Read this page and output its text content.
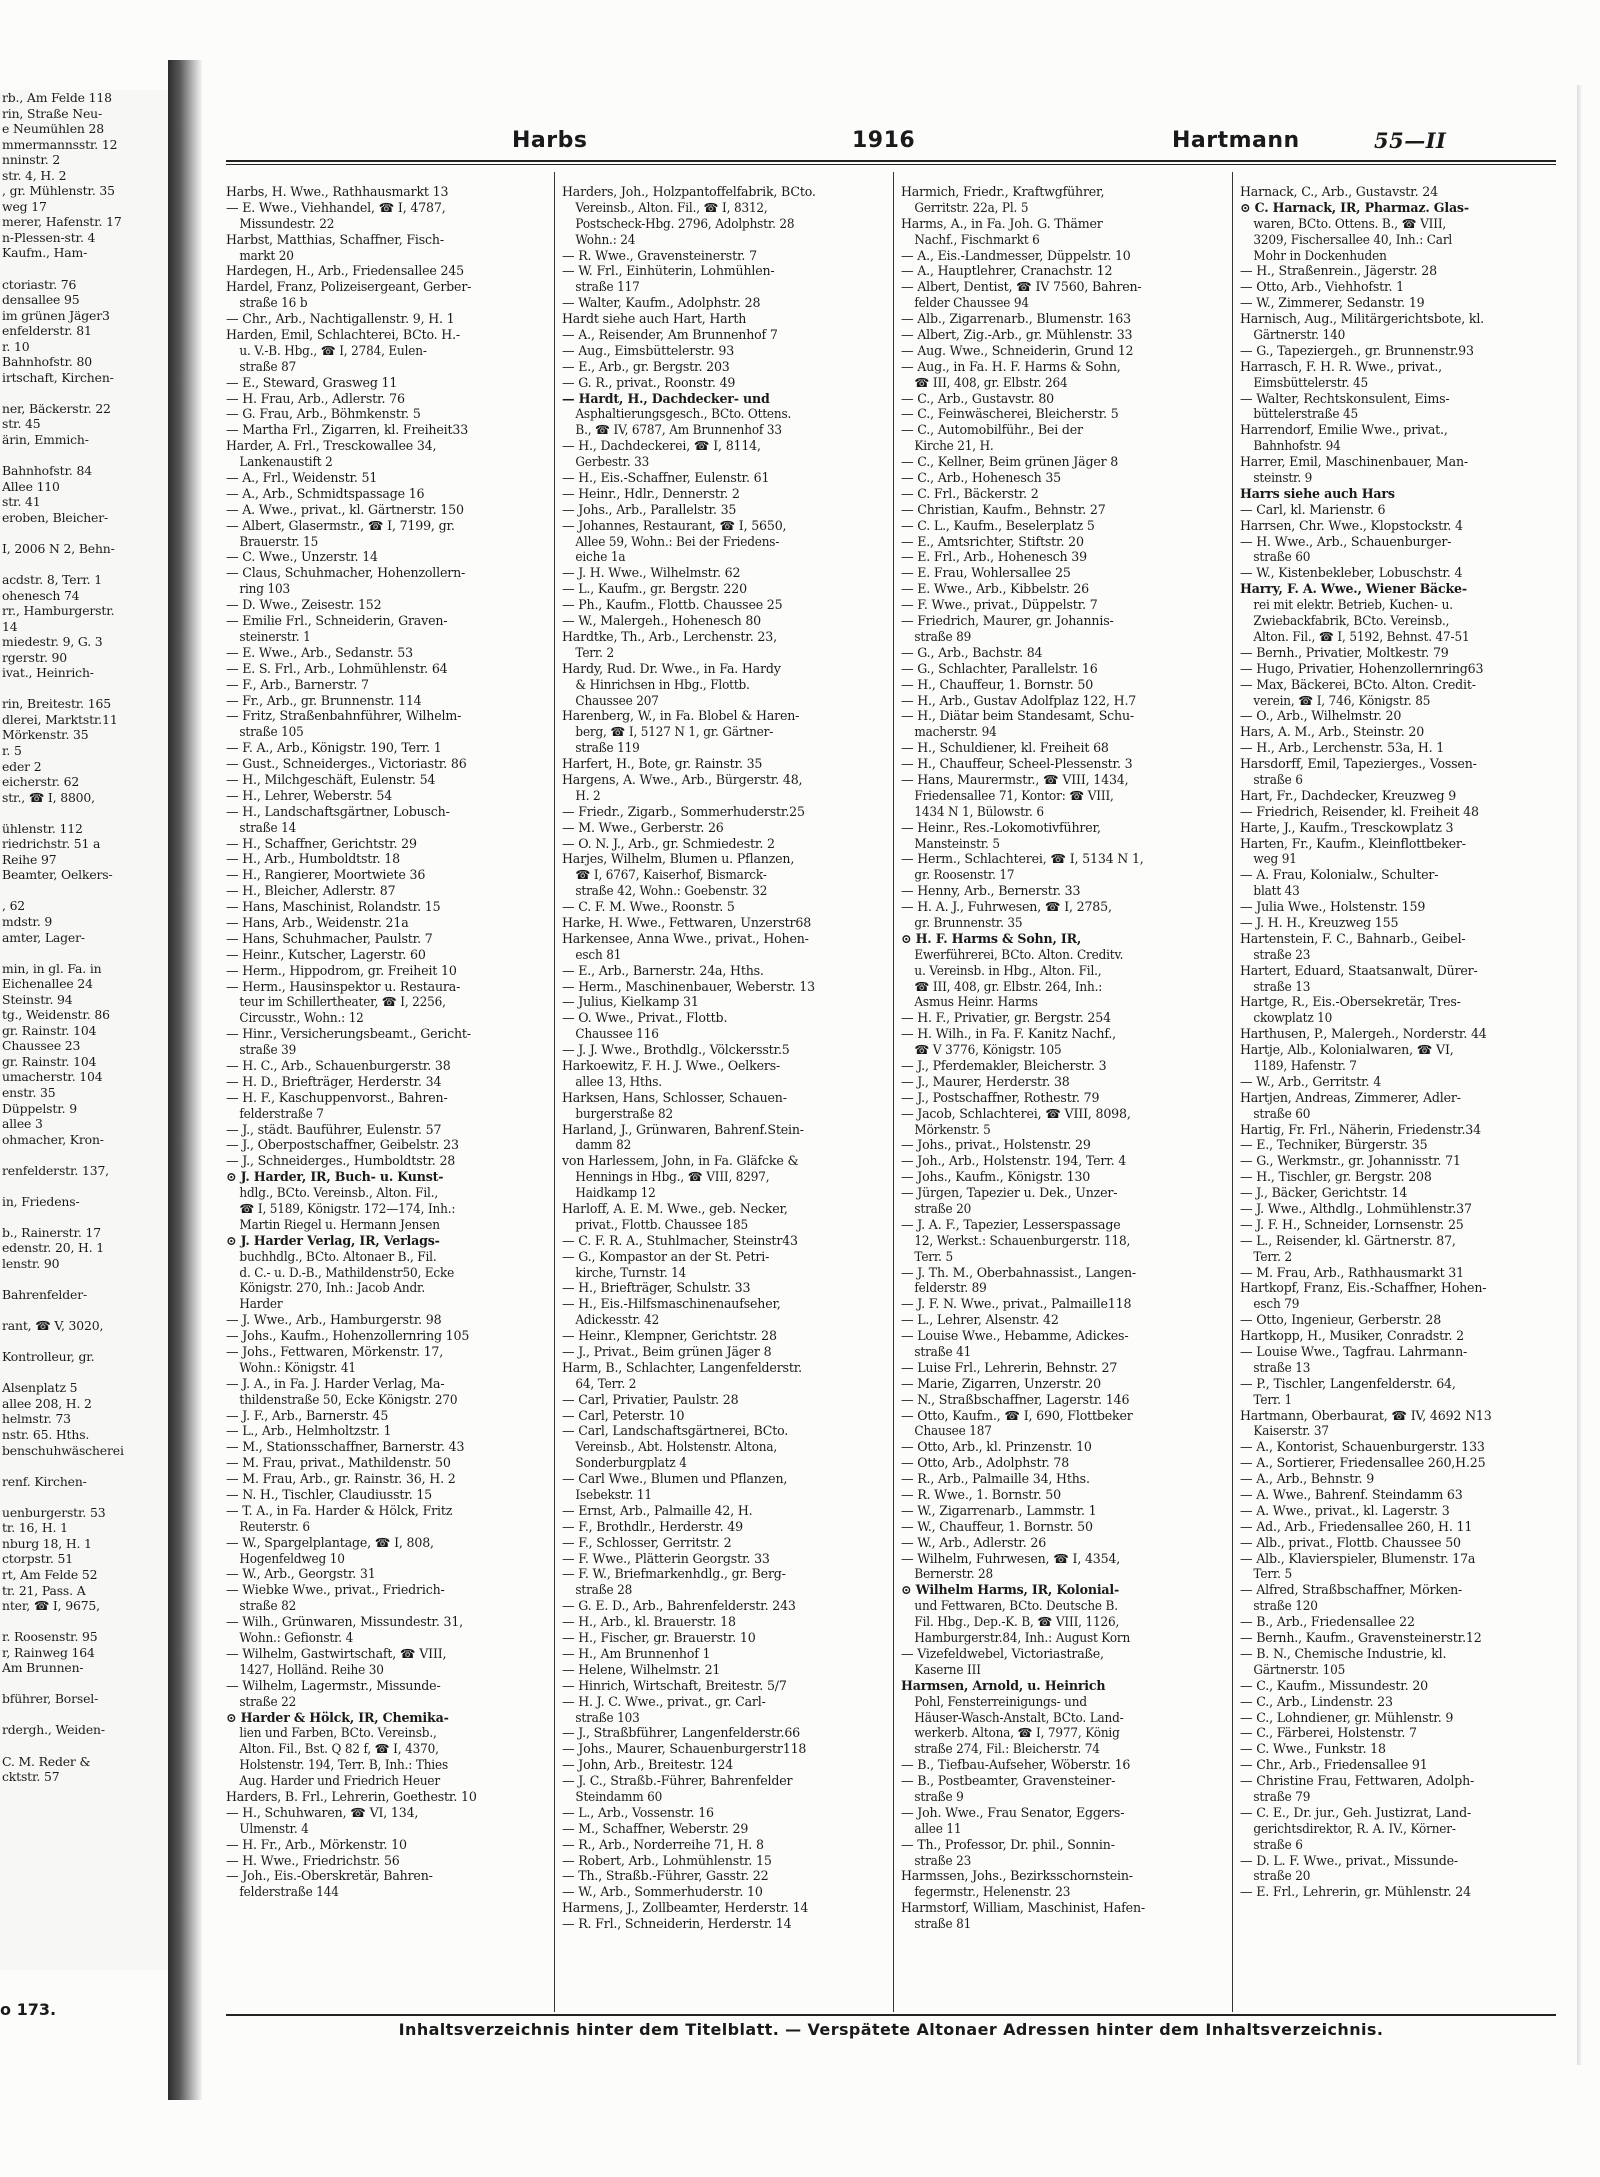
rb., Am Felde 118
rin, Straße Neu-
e Neumühlen 28
mmermannsstr. 12
nninstr. 2
str. 4, H. 2
, gr. Mühlenstr. 35
weg 17
merer, Hafenstr. 17
n-Plessen-str. 4
Kaufm., Ham-

ctoriastr. 76
densallee 95
im grünen Jäger3
enfelderstr. 81
r. 10
Bahnhofstr. 80
irtschaft, Kirchen-

ner, Bäckerstr. 22
str. 45
ärin, Emmich-

Bahnhofstr. 84
Allee 110
str. 41
eroben, Bleicher-

I, 2006 N 2, Behn-

acdstr. 8, Terr. 1
ohenesch 74
rr., Hamburgerstr.
14
miedestr. 9, G. 3
rgerstr. 90
ivat., Heinrich-

rin, Breitestr. 165
dlerei, Marktstr.11
Mörkenstr. 35
r. 5
eder 2
eicherstr. 62
str., ☎ I, 8800,

ühlenstr. 112
riedrichstr. 51 a
Reihe 97
Beamter, Oelkers-

, 62
mdstr. 9
amter, Lager-

min, in gl. Fa. in
Eichenallee 24
Steinstr. 94
tg., Weidenstr. 86
gr. Rainstr. 104
Chaussee 23
gr. Rainstr. 104
umacherstr. 104
enstr. 35
Düppelstr. 9
allee 3
ohmacher, Kron-

renfelderstr. 137,

in, Friedens-

b., Rainerstr. 17
edenstr. 20, H. 1
lenstr. 90

Bahrenfelder-

rant, ☎ V, 3020,

Kontrolleur, gr.

Alsenplatz 5
allee 208, H. 2
helmstr. 73
nstr. 65. Hths.
benschuhwäscherei

renf. Kirchen-

uenburgerstr. 53
tr. 16, H. 1
nburg 18, H. 1
ctorpstr. 51
rt, Am Felde 52
tr. 21, Pass. A
nter, ☎ I, 9675,

r. Roosenstr. 95
r, Rainweg 164
Am Brunnen-

bführer, Borsel-

rdergh., Weiden-

C. M. Reder &
cktstr. 57
o 173.
Harbs	1916	Hartmann	55—II
Harbs, H. Wwe., Rathhausmarkt 13
— E. Wwe., Viehhandel, ☎ I, 4787,
Missundestr. 22
Harbst, Matthias, Schaffner, Fisch-
markt 20
Hardegen, H., Arb., Friedensallee 245
Hardel, Franz, Polizeisergeant, Gerber-
straße 16 b
— Chr., Arb., Nachtigallenstr. 9, H. 1
Harden, Emil, Schlachterei, BCto. H.-
u. V.-B. Hbg., ☎ I, 2784, Eulen-
straße 87
— E., Steward, Grasweg 11
— H. Frau, Arb., Adlerstr. 76
— G. Frau, Arb., Böhmkenstr. 5
— Martha Frl., Zigarren, kl. Freiheit33
Harder, A. Frl., Tresckowallee 34,
Lankenaustift 2
— A., Frl., Weidenstr. 51
— A., Arb., Schmidtspassage 16
— A. Wwe., privat., kl. Gärtnerstr. 150
— Albert, Glasermstr., ☎ I, 7199, gr.
Brauerstr. 15
— C. Wwe., Unzerstr. 14
— Claus, Schuhmacher, Hohenzollern-
ring 103
— D. Wwe., Zeisestr. 152
— Emilie Frl., Schneiderin, Graven-
steinerstr. 1
— E. Wwe., Arb., Sedanstr. 53
— E. S. Frl., Arb., Lohmühlenstr. 64
— F., Arb., Barnerstr. 7
— Fr., Arb., gr. Brunnenstr. 114
— Fritz, Straßenbahnführer, Wilhelm-
straße 105
— F. A., Arb., Königstr. 190, Terr. 1
— Gust., Schneiderges., Victoriastr. 86
— H., Milchgeschäft, Eulenstr. 54
— H., Lehrer, Weberstr. 54
— H., Landschaftsgärtner, Lobusch-
straße 14
— H., Schaffner, Gerichtstr. 29
— H., Arb., Humboldtstr. 18
— H., Rangierer, Moortwiete 36
— H., Bleicher, Adlerstr. 87
— Hans, Maschinist, Rolandstr. 15
— Hans, Arb., Weidenstr. 21a
— Hans, Schuhmacher, Paulstr. 7
— Heinr., Kutscher, Lagerstr. 60
— Herm., Hippodrom, gr. Freiheit 10
— Herm., Hausinspektor u. Restaura-
teur im Schillertheater, ☎ I, 2256,
Circusstr., Wohn.: 12
— Hinr., Versicherungsbeamt., Gericht-
straße 39
— H. C., Arb., Schauenburgerstr. 38
— H. D., Briefträger, Herderstr. 34
— H. F., Kaschuppenvorst., Bahren-
felderstraße 7
— J., städt. Bauführer, Eulenstr. 57
— J., Oberpostschaffner, Geibelstr. 23
— J., Schneiderges., Humboldtstr. 28
⊙ J. Harder, IR, Buch- u. Kunst-
hdlg., BCto. Vereinsb., Alton. Fil.,
☎ I, 5189, Königstr. 172—174, Inh.:
Martin Riegel u. Hermann Jensen
⊙ J. Harder Verlag, IR, Verlags-
buchhdlg., BCto. Altonaer B., Fil.
d. C.- u. D.-B., Mathildenstr50, Ecke
Königstr. 270, Inh.: Jacob Andr.
Harder
— J. Wwe., Arb., Hamburgerstr. 98
— Johs., Kaufm., Hohenzollernring 105
— Johs., Fettwaren, Mörkenstr. 17,
Wohn.: Königstr. 41
— J. A., in Fa. J. Harder Verlag, Ma-
thildenstraße 50, Ecke Königstr. 270
— J. F., Arb., Barnerstr. 45
— L., Arb., Helmholtzstr. 1
— M., Stationsschaffner, Barnerstr. 43
— M. Frau, privat., Mathildenstr. 50
— M. Frau, Arb., gr. Rainstr. 36, H. 2
— N. H., Tischler, Claudiusstr. 15
— T. A., in Fa. Harder & Hölck, Fritz
Reuterstr. 6
— W., Spargelplantage, ☎ I, 808,
Hogenfeldweg 10
— W., Arb., Georgstr. 31
— Wiebke Wwe., privat., Friedrich-
straße 82
— Wilh., Grünwaren, Missundestr. 31,
Wohn.: Gefionstr. 4
— Wilhelm, Gastwirtschaft, ☎ VIII,
1427, Holländ. Reihe 30
— Wilhelm, Lagermstr., Missunde-
straße 22
⊙ Harder & Hölck, IR, Chemika-
lien und Farben, BCto. Vereinsb.,
Alton. Fil., Bst. Q 82 f, ☎ I, 4370,
Holstenstr. 194, Terr. B, Inh.: Thies
Aug. Harder und Friedrich Heuer
Harders, B. Frl., Lehrerin, Goethestr. 10
— H., Schuhwaren, ☎ VI, 134,
Ulmenstr. 4
— H. Fr., Arb., Mörkenstr. 10
— H. Wwe., Friedrichstr. 56
— Joh., Eis.-Oberskretär, Bahren-
felderstraße 144
Harders, Joh., Holzpantoffelfabrik, BCto.
Vereinsb., Alton. Fil., ☎ I, 8312,
Postscheck-Hbg. 2796, Adolphstr. 28
Wohn.: 24
— R. Wwe., Gravensteinerstr. 7
— W. Frl., Einhüterin, Lohmühlen-
straße 117
— Walter, Kaufm., Adolphstr. 28
Hardt siehe auch Hart, Harth
— A., Reisender, Am Brunnenhof 7
— Aug., Eimsbüttelerstr. 93
— E., Arb., gr. Bergstr. 203
— G. R., privat., Roonstr. 49
— Hardt, H., Dachdecker- und
Asphaltierungsgesch., BCto. Ottens.
B., ☎ IV, 6787, Am Brunnenhof 33
— H., Dachdeckerei, ☎ I, 8114,
Gerbestr. 33
— H., Eis.-Schaffner, Eulenstr. 61
— Heinr., Hdlr., Dennerstr. 2
— Johs., Arb., Parallelstr. 35
— Johannes, Restaurant, ☎ I, 5650,
Allee 59, Wohn.: Bei der Friedens-
eiche 1a
— J. H. Wwe., Wilhelmstr. 62
— L., Kaufm., gr. Bergstr. 220
— Ph., Kaufm., Flottb. Chaussee 25
— W., Malergeh., Hohenesch 80
Hardtke, Th., Arb., Lerchenstr. 23,
Terr. 2
Hardy, Rud. Dr. Wwe., in Fa. Hardy
& Hinrichsen in Hbg., Flottb.
Chaussee 207
Harenberg, W., in Fa. Blobel & Haren-
berg, ☎ I, 5127 N 1, gr. Gärtner-
straße 119
Harfert, H., Bote, gr. Rainstr. 35
Hargens, A. Wwe., Arb., Bürgerstr. 48,
H. 2
— Friedr., Zigarb., Sommerhuderstr.25
— M. Wwe., Gerberstr. 26
— O. N. J., Arb., gr. Schmiedestr. 2
Harjes, Wilhelm, Blumen u. Pflanzen,
☎ I, 6767, Kaiserhof, Bismarck-
straße 42, Wohn.: Goebenstr. 32
— C. F. M. Wwe., Roonstr. 5
Harke, H. Wwe., Fettwaren, Unzerstr68
Harkensee, Anna Wwe., privat., Hohen-
esch 81
— E., Arb., Barnerstr. 24a, Hths.
— Herm., Maschinenbauer, Weberstr. 13
— Julius, Kielkamp 31
— O. Wwe., Privat., Flottb.
Chaussee 116
— J. J. Wwe., Brothdlg., Völckersstr.5
Harkoewitz, F. H. J. Wwe., Oelkers-
allee 13, Hths.
Harksen, Hans, Schlosser, Schauen-
burgerstraße 82
Harland, J., Grünwaren, Bahrenf.Stein-
damm 82
von Harlessem, John, in Fa. Gläfcke &
Hennings in Hbg., ☎ VIII, 8297,
Haidkamp 12
Harloff, A. E. M. Wwe., geb. Necker,
privat., Flottb. Chaussee 185
— C. F. R. A., Stuhlmacher, Steinstr43
— G., Kompastor an der St. Petri-
kirche, Turnstr. 14
— H., Briefträger, Schulstr. 33
— H., Eis.-Hilfsmaschinenaufseher,
Adickesstr. 42
— Heinr., Klempner, Gerichtstr. 28
— J., Privat., Beim grünen Jäger 8
Harm, B., Schlachter, Langenfelderstr.
64, Terr. 2
— Carl, Privatier, Paulstr. 28
— Carl, Peterstr. 10
— Carl, Landschaftsgärtnerei, BCto.
Vereinsb., Abt. Holstenstr. Altona,
Sonderburgplatz 4
— Carl Wwe., Blumen und Pflanzen,
Isebekstr. 11
— Ernst, Arb., Palmaille 42, H.
— F., Brothdlr., Herderstr. 49
— F., Schlosser, Gerritstr. 2
— F. Wwe., Plätterin Georgstr. 33
— F. W., Briefmarkenhdlg., gr. Berg-
straße 28
— G. E. D., Arb., Bahrenfelderstr. 243
— H., Arb., kl. Brauerstr. 18
— H., Fischer, gr. Brauerstr. 10
— H., Am Brunnenhof 1
— Helene, Wilhelmstr. 21
— Hinrich, Wirtschaft, Breitestr. 5/7
— H. J. C. Wwe., privat., gr. Carl-
straße 103
— J., Straßbführer, Langenfelderstr.66
— Johs., Maurer, Schauenburgerstr118
— John, Arb., Breitestr. 124
— J. C., Straßb.-Führer, Bahrenfelder
Steindamm 60
— L., Arb., Vossenstr. 16
— M., Schaffner, Weberstr. 29
— R., Arb., Norderreihe 71, H. 8
— Robert, Arb., Lohmühlenstr. 15
— Th., Straßb.-Führer, Gasstr. 22
— W., Arb., Sommerhuderstr. 10
Harmens, J., Zollbeamter, Herderstr. 14
— R. Frl., Schneiderin, Herderstr. 14
Harmich, Friedr., Kraftwgführer,
Gerritstr. 22a, Pl. 5
Harms, A., in Fa. Joh. G. Thämer
Nachf., Fischmarkt 6
— A., Eis.-Landmesser, Düppelstr. 10
— A., Hauptlehrer, Cranachstr. 12
— Albert, Dentist, ☎ IV 7560, Bahren-
felder Chaussee 94
— Alb., Zigarrenarb., Blumenstr. 163
— Albert, Zig.-Arb., gr. Mühlenstr. 33
— Aug. Wwe., Schneiderin, Grund 12
— Aug., in Fa. H. F. Harms & Sohn,
☎ III, 408, gr. Elbstr. 264
— C., Arb., Gustavstr. 80
— C., Feinwäscherei, Bleicherstr. 5
— C., Automobilführ., Bei der
Kirche 21, H.
— C., Kellner, Beim grünen Jäger 8
— C., Arb., Hohenesch 35
— C. Frl., Bäckerstr. 2
— Christian, Kaufm., Behnstr. 27
— C. L., Kaufm., Beselerplatz 5
— E., Amtsrichter, Stiftstr. 20
— E. Frl., Arb., Hohenesch 39
— E. Frau, Wohlersallee 25
— E. Wwe., Arb., Kibbelstr. 26
— F. Wwe., privat., Düppelstr. 7
— Friedrich, Maurer, gr. Johannis-
straße 89
— G., Arb., Bachstr. 84
— G., Schlachter, Parallelstr. 16
— H., Chauffeur, 1. Bornstr. 50
— H., Arb., Gustav Adolfplaz 122, H.7
— H., Diätar beim Standesamt, Schu-
macherstr. 94
— H., Schuldiener, kl. Freiheit 68
— H., Chauffeur, Scheel-Plessenstr. 3
— Hans, Maurermstr., ☎ VIII, 1434,
Friedensallee 71, Kontor: ☎ VIII,
1434 N 1, Bülowstr. 6
— Heinr., Res.-Lokomotivführer,
Mansteinstr. 5
— Herm., Schlachterei, ☎ I, 5134 N 1,
gr. Roosenstr. 17
— Henny, Arb., Bernerstr. 33
— H. A. J., Fuhrwesen, ☎ I, 2785,
gr. Brunnenstr. 35
⊙ H. F. Harms & Sohn, IR,
Ewerführerei, BCto. Alton. Creditv.
u. Vereinsb. in Hbg., Alton. Fil.,
☎ III, 408, gr. Elbstr. 264, Inh.:
Asmus Heinr. Harms
— H. F., Privatier, gr. Bergstr. 254
— H. Wilh., in Fa. F. Kanitz Nachf.,
☎ V 3776, Königstr. 105
— J., Pferdemakler, Bleicherstr. 3
— J., Maurer, Herderstr. 38
— J., Postschaffner, Rothestr. 79
— Jacob, Schlachterei, ☎ VIII, 8098,
Mörkenstr. 5
— Johs., privat., Holstenstr. 29
— Joh., Arb., Holstenstr. 194, Terr. 4
— Johs., Kaufm., Königstr. 130
— Jürgen, Tapezier u. Dek., Unzer-
straße 20
— J. A. F., Tapezier, Lesserspassage
12, Werkst.: Schauenburgerstr. 118,
Terr. 5
— J. Th. M., Oberbahnassist., Langen-
felderstr. 89
— J. F. N. Wwe., privat., Palmaille118
— L., Lehrer, Alsenstr. 42
— Louise Wwe., Hebamme, Adickes-
straße 41
— Luise Frl., Lehrerin, Behnstr. 27
— Marie, Zigarren, Unzerstr. 20
— N., Straßbschaffner, Lagerstr. 146
— Otto, Kaufm., ☎ I, 690, Flottbeker
Chausee 187
— Otto, Arb., kl. Prinzenstr. 10
— Otto, Arb., Adolphstr. 78
— R., Arb., Palmaille 34, Hths.
— R. Wwe., 1. Bornstr. 50
— W., Zigarrenarb., Lammstr. 1
— W., Chauffeur, 1. Bornstr. 50
— W., Arb., Adlerstr. 26
— Wilhelm, Fuhrwesen, ☎ I, 4354,
Bernerstr. 28
⊙ Wilhelm Harms, IR, Kolonial-
und Fettwaren, BCto. Deutsche B.
Fil. Hbg., Dep.-K. B, ☎ VIII, 1126,
Hamburgerstr.84, Inh.: August Korn
— Vizefeldwebel, Victoriastraße,
Kaserne III
Harmsen, Arnold, u. Heinrich
Pohl, Fensterreinigungs- und
Häuser-Wasch-Anstalt, BCto. Land-
werkerb. Altona, ☎ I, 7977, König
straße 274, Fil.: Bleicherstr. 74
— B., Tiefbau-Aufseher, Wöberstr. 16
— B., Postbeamter, Gravensteiner-
straße 9
— Joh. Wwe., Frau Senator, Eggers-
allee 11
— Th., Professor, Dr. phil., Sonnin-
straße 23
Harmssen, Johs., Bezirksschornstein-
fegermstr., Helenenstr. 23
Harmstorf, William, Maschinist, Hafen-
straße 81
Harnack, C., Arb., Gustavstr. 24
⊙ C. Harnack, IR, Pharmaz. Glas-
waren, BCto. Ottens. B., ☎ VIII,
3209, Fischersallee 40, Inh.: Carl
Mohr in Dockenhuden
— H., Straßenrein., Jägerstr. 28
— Otto, Arb., Viehhofstr. 1
— W., Zimmerer, Sedanstr. 19
Harnisch, Aug., Militärgerichtsbote, kl.
Gärtnerstr. 140
— G., Tapeziergeh., gr. Brunnenstr.93
Harrasch, F. H. R. Wwe., privat.,
Eimsbüttelerstr. 45
— Walter, Rechtskonsulent, Eims-
büttelerstraße 45
Harrendorf, Emilie Wwe., privat.,
Bahnhofstr. 94
Harrer, Emil, Maschinenbauer, Man-
steinstr. 9
Harrs siehe auch Hars
— Carl, kl. Marienstr. 6
Harrsen, Chr. Wwe., Klopstockstr. 4
— H. Wwe., Arb., Schauenburger-
straße 60
— W., Kistenbekleber, Lobuschstr. 4
Harry, F. A. Wwe., Wiener Bäcke-
rei mit elektr. Betrieb, Kuchen- u.
Zwiebackfabrik, BCto. Vereinsb.,
Alton. Fil., ☎ I, 5192, Behnst. 47-51
— Bernh., Privatier, Moltkestr. 79
— Hugo, Privatier, Hohenzollernring63
— Max, Bäckerei, BCto. Alton. Credit-
verein, ☎ I, 746, Königstr. 85
— O., Arb., Wilhelmstr. 20
Hars, A. M., Arb., Steinstr. 20
— H., Arb., Lerchenstr. 53a, H. 1
Harsdorff, Emil, Tapezierges., Vossen-
straße 6
Hart, Fr., Dachdecker, Kreuzweg 9
— Friedrich, Reisender, kl. Freiheit 48
Harte, J., Kaufm., Tresckowplatz 3
Harten, Fr., Kaufm., Kleinflottbeker-
weg 91
— A. Frau, Kolonialw., Schulter-
blatt 43
— Julia Wwe., Holstenstr. 159
— J. H. H., Kreuzweg 155
Hartenstein, F. C., Bahnarb., Geibel-
straße 23
Hartert, Eduard, Staatsanwalt, Dürer-
straße 13
Hartge, R., Eis.-Obersekretär, Tres-
ckowplatz 10
Harthusen, P., Malergeh., Norderstr. 44
Hartje, Alb., Kolonialwaren, ☎ VI,
1189, Hafenstr. 7
— W., Arb., Gerritstr. 4
Hartjen, Andreas, Zimmerer, Adler-
straße 60
Hartig, Fr. Frl., Näherin, Friedenstr.34
— E., Techniker, Bürgerstr. 35
— G., Werkmstr., gr. Johannisstr. 71
— H., Tischler, gr. Bergstr. 208
— J., Bäcker, Gerichtstr. 14
— J. Wwe., Althdlg., Lohmühlenstr.37
— J. F. H., Schneider, Lornsenstr. 25
— L., Reisender, kl. Gärtnerstr. 87,
Terr. 2
— M. Frau, Arb., Rathhausmarkt 31
Hartkopf, Franz, Eis.-Schaffner, Hohen-
esch 79
— Otto, Ingenieur, Gerberstr. 28
Hartkopp, H., Musiker, Conradstr. 2
— Louise Wwe., Tagfrau. Lahrmann-
straße 13
— P., Tischler, Langenfelderstr. 64,
Terr. 1
Hartmann, Oberbaurat, ☎ IV, 4692 N13
Kaiserstr. 37
— A., Kontorist, Schauenburgerstr. 133
— A., Sortierer, Friedensallee 260,H.25
— A., Arb., Behnstr. 9
— A. Wwe., Bahrenf. Steindamm 63
— A. Wwe., privat., kl. Lagerstr. 3
— Ad., Arb., Friedensallee 260, H. 11
— Alb., privat., Flottb. Chaussee 50
— Alb., Klavierspieler, Blumenstr. 17a
Terr. 5
— Alfred, Straßbschaffner, Mörken-
straße 120
— B., Arb., Friedensallee 22
— Bernh., Kaufm., Gravensteinerstr.12
— B. N., Chemische Industrie, kl.
Gärtnerstr. 105
— C., Kaufm., Missundestr. 20
— C., Arb., Lindenstr. 23
— C., Lohndiener, gr. Mühlenstr. 9
— C., Färberei, Holstenstr. 7
— C. Wwe., Funkstr. 18
— Chr., Arb., Friedensallee 91
— Christine Frau, Fettwaren, Adolph-
straße 79
— C. E., Dr. jur., Geh. Justizrat, Land-
gerichtsdirektor, R. A. IV., Körner-
straße 6
— D. L. F. Wwe., privat., Missunde-
straße 20
— E. Frl., Lehrerin, gr. Mühlenstr. 24
Inhaltsverzeichnis hinter dem Titelblatt. — Verspätete Altonaer Adressen hinter dem Inhaltsverzeichnis.
